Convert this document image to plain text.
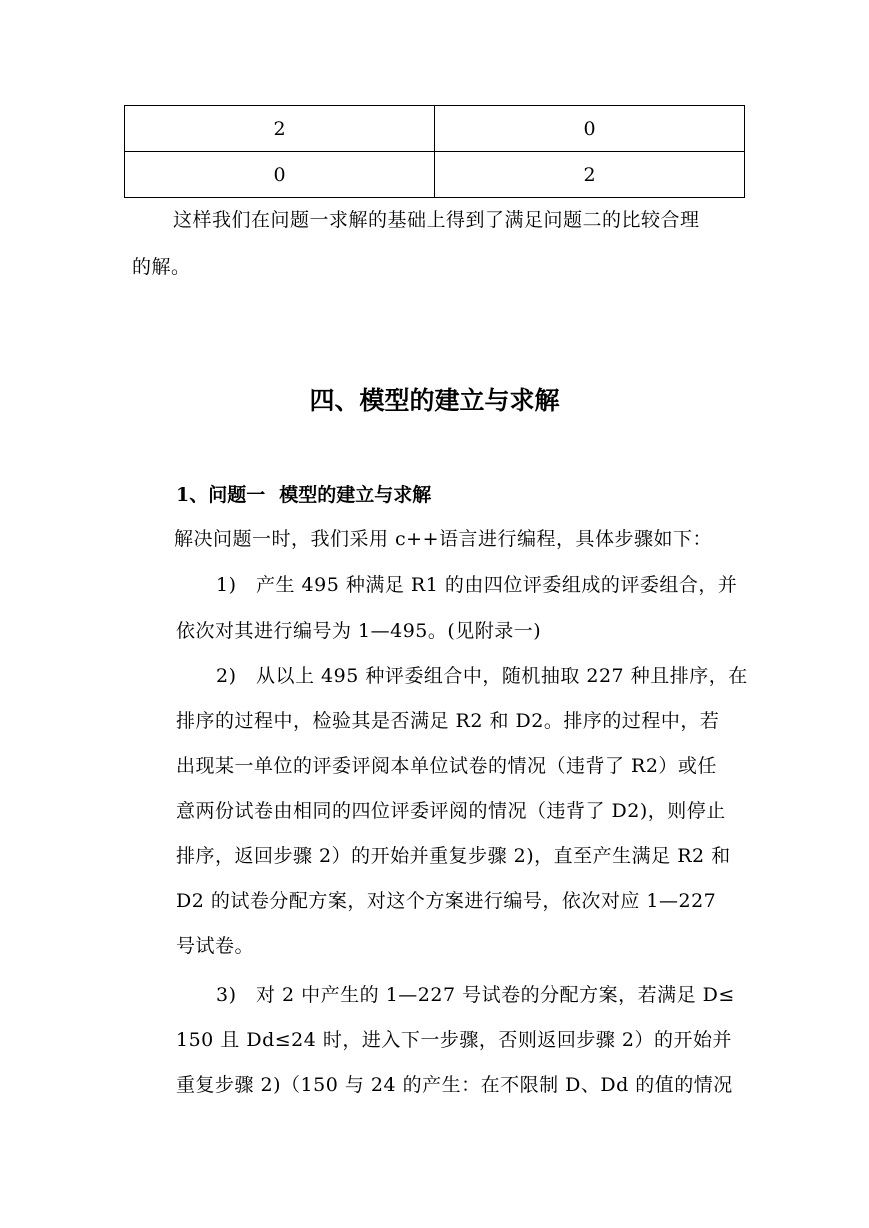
2	0
0	2
这样我们在问题一求解的基础上得到了满足问题二的比较合理
的解。
四、模型的建立与求解
1、问题一 模型的建立与求解
解决问题一时，我们采用 c++语言进行编程，具体步骤如下：
1) 产生 495 种满足 R1 的由四位评委组成的评委组合，并
依次对其进行编号为 1—495。(见附录一)
2) 从以上 495 种评委组合中，随机抽取 227 种且排序，在
排序的过程中，检验其是否满足 R2 和 D2。排序的过程中，若
出现某一单位的评委评阅本单位试卷的情况（违背了 R2）或任
意两份试卷由相同的四位评委评阅的情况（违背了 D2)，则停止
排序，返回步骤 2）的开始并重复步骤 2)，直至产生满足 R2 和
D2 的试卷分配方案，对这个方案进行编号，依次对应 1—227
号试卷。
3) 对 2 中产生的 1—227 号试卷的分配方案，若满足 D≤
150 且 Dd≤24 时，进入下一步骤，否则返回步骤 2）的开始并
重复步骤 2)（150 与 24 的产生：在不限制 D、Dd 的值的情况
